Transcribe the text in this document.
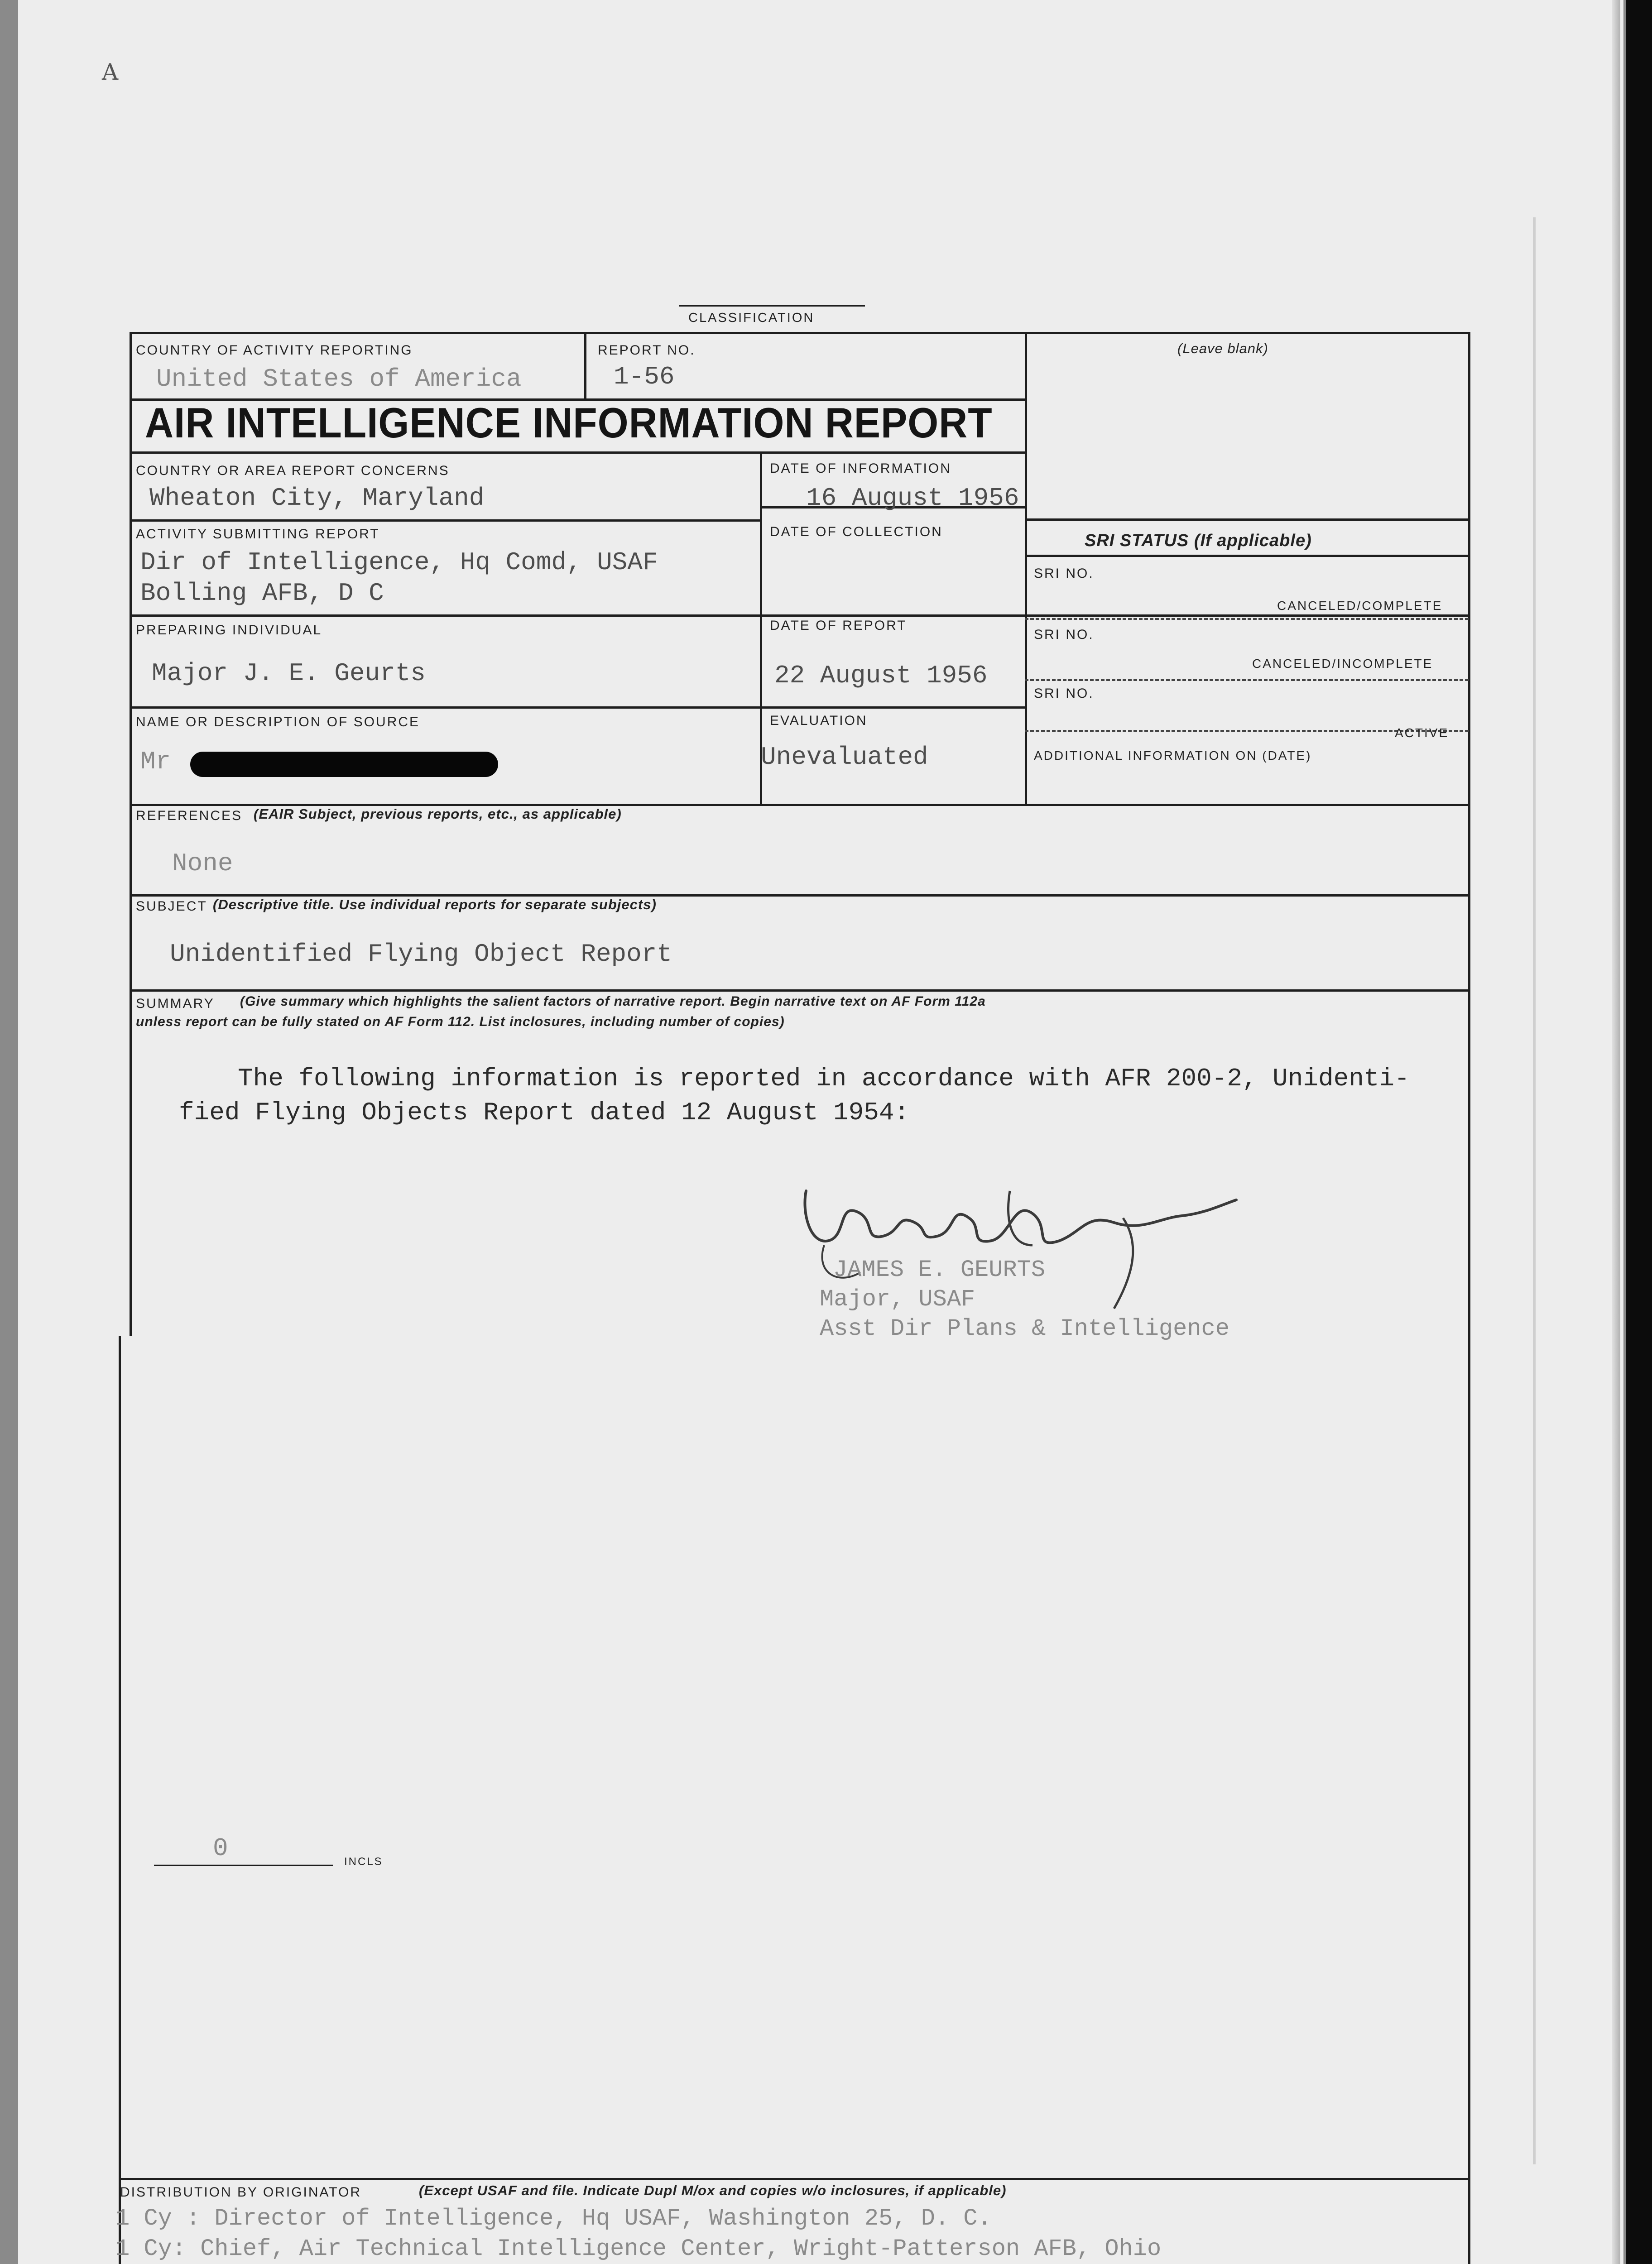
A
CLASSIFICATION
AIR INTELLIGENCE INFORMATION REPORT
COUNTRY OF ACTIVITY REPORTING
United States of America
REPORT NO.
1-56
(Leave blank)
COUNTRY OR AREA REPORT CONCERNS
Wheaton City, Maryland
DATE OF INFORMATION
16 August 1956
ACTIVITY SUBMITTING REPORT
Dir of Intelligence, Hq Comd, USAF
Bolling AFB, D C
DATE OF COLLECTION	SRI STATUS (If applicable)
SRI NO.
CANCELED/COMPLETE
PREPARING INDIVIDUAL
Major J. E. Geurts
DATE OF REPORT
22 August 1956
SRI NO.
CANCELED/INCOMPLETE
NAME OR DESCRIPTION OF SOURCE
Mr
EVALUATION
Unevaluated
SRI NO.
ACTIVE
ADDITIONAL INFORMATION ON (DATE)
REFERENCES (EAIR Subject, previous reports, etc., as applicable)
None
SUBJECT (Descriptive title. Use individual reports for separate subjects)
Unidentified Flying Object Report
SUMMARY (Give summary which highlights the salient factors of narrative report. Begin narrative text on AF Form 112a
unless report can be fully stated on AF Form 112. List inclosures, including number of copies)
The following information is reported in accordance with AFR 200-2, Unidenti-
fied Flying Objects Report dated 12 August 1954:
JAMES E. GEURTS
Major, USAF
Asst Dir Plans & Intelligence
0	INCLS
DISTRIBUTION BY ORIGINATOR	(Except USAF and file. Indicate Dupl M/ox and copies w/o inclosures, if applicable)
1 Cy : Director of Intelligence, Hq USAF, Washington 25, D. C.
1 Cy: Chief, Air Technical Intelligence Center, Wright-Patterson AFB, Ohio
